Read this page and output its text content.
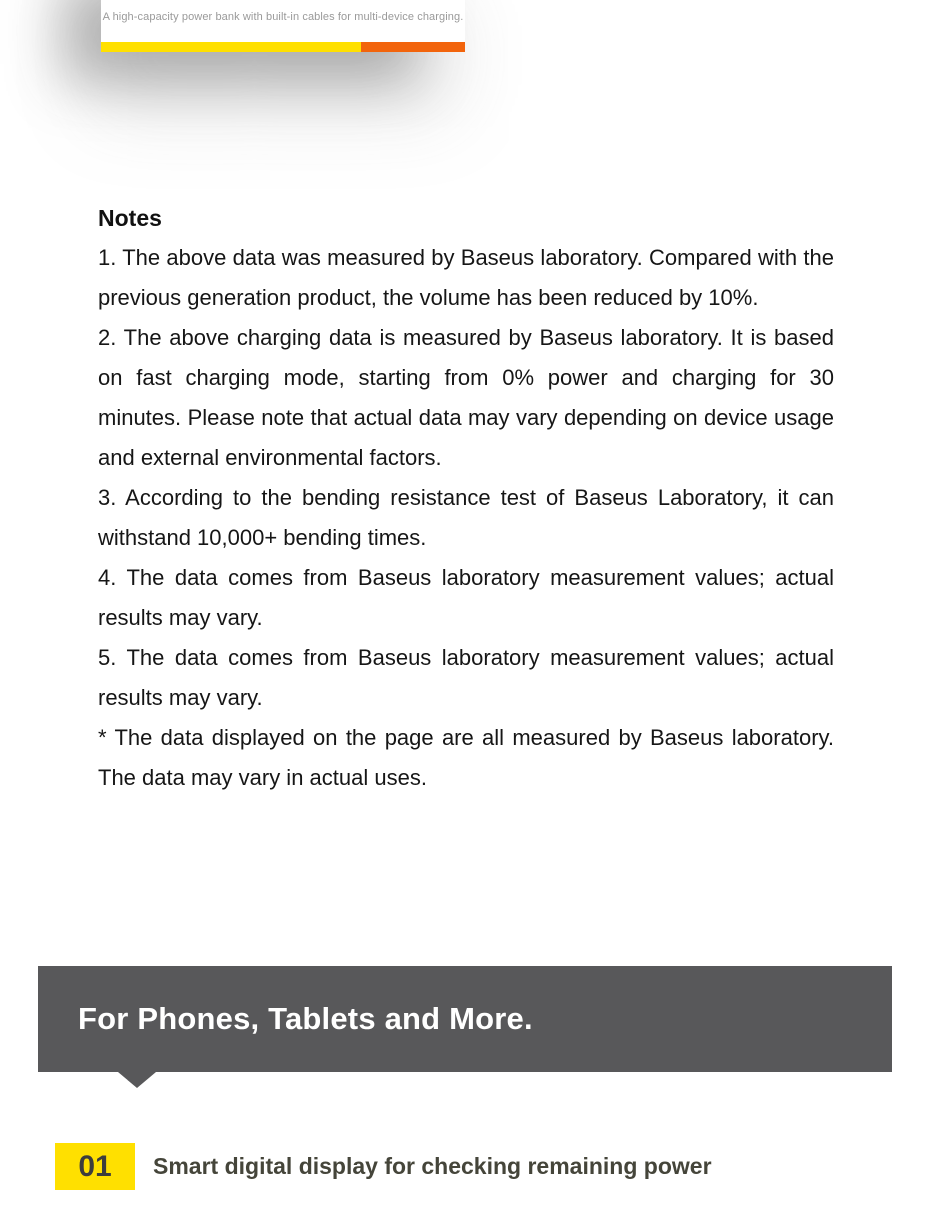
A high-capacity power bank with built-in cables for multi-device charging.
Notes

1. The above data was measured by Baseus laboratory. Compared with the previous generation product, the volume has been reduced by 10%.

2. The above charging data is measured by Baseus laboratory. It is based on fast charging mode, starting from 0% power and charging for 30 minutes. Please note that actual data may vary depending on device usage and external environmental factors.

3. According to the bending resistance test of Baseus Laboratory, it can withstand 10,000+ bending times.

4. The data comes from Baseus laboratory measurement values; actual results may vary.

5. The data comes from Baseus laboratory measurement values; actual results may vary.

* The data displayed on the page are all measured by Baseus laboratory. The data may vary in actual uses.

For Phones, Tablets and More.
01 Smart digital display for checking remaining power
